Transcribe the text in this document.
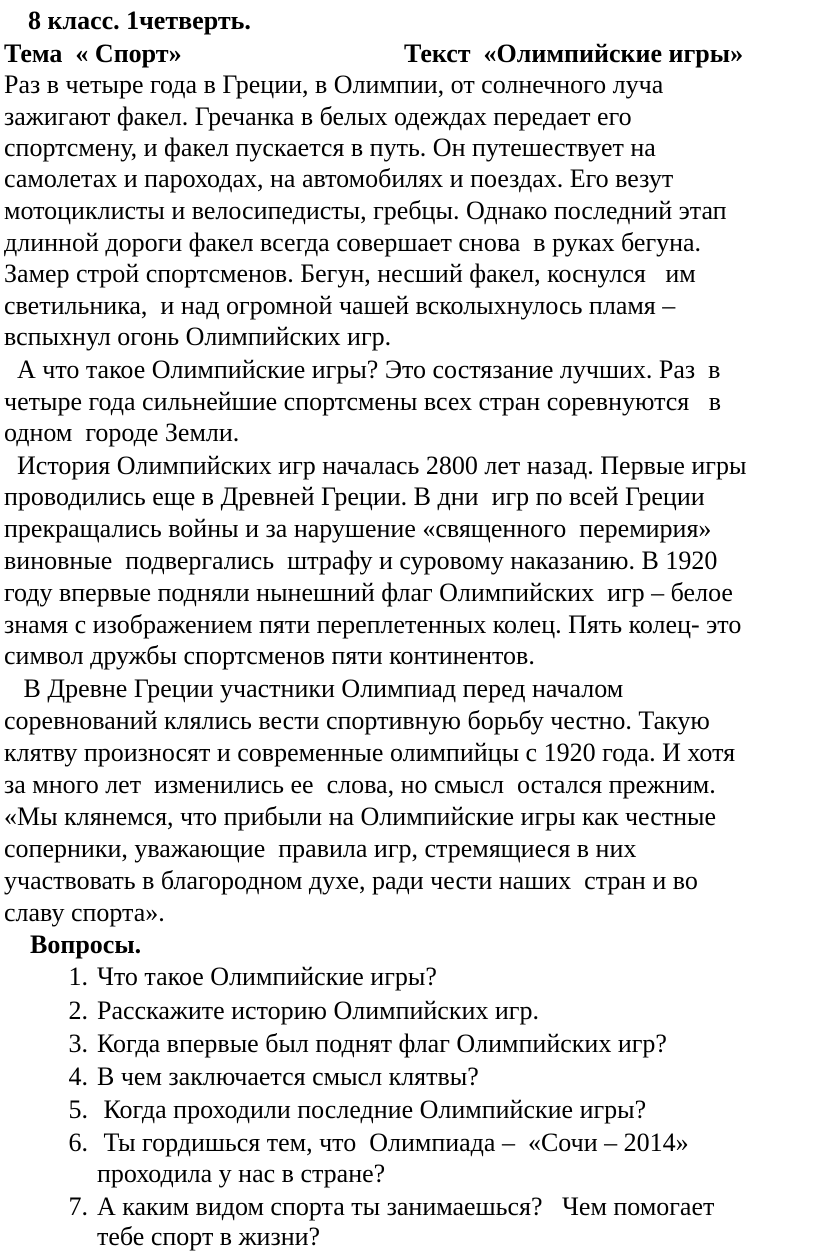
8 класс. 1четверть.
Тема  « Спорт»	Текст  «Олимпийские игры»
Раз в четыре года в Греции, в Олимпии, от солнечного луча
зажигают факел. Гречанка в белых одеждах передает его
спортсмену, и факел пускается в путь. Он путешествует на
самолетах и пароходах, на автомобилях и поездах. Его везут
мотоциклисты и велосипедисты, гребцы. Однако последний этап
длинной дороги факел всегда совершает снова  в руках бегуна.
Замер строй спортсменов. Бегун, несший факел, коснулся   им
светильника,  и над огромной чашей всколыхнулось пламя –
вспыхнул огонь Олимпийских игр.
А что такое Олимпийские игры? Это состязание лучших. Раз  в
четыре года сильнейшие спортсмены всех стран соревнуются   в
одном  городе Земли.
История Олимпийских игр началась 2800 лет назад. Первые игры
проводились еще в Древней Греции. В дни  игр по всей Греции
прекращались войны и за нарушение «священного  перемирия»
виновные  подвергались  штрафу и суровому наказанию. В 1920
году впервые подняли нынешний флаг Олимпийских  игр – белое
знамя с изображением пяти переплетенных колец. Пять колец- это
символ дружбы спортсменов пяти континентов.
В Древне Греции участники Олимпиад перед началом
соревнований клялись вести спортивную борьбу честно. Такую
клятву произносят и современные олимпийцы с 1920 года. И хотя
за много лет  изменились ее  слова, но смысл  остался прежним.
«Мы клянемся, что прибыли на Олимпийские игры как честные
соперники, уважающие  правила игр, стремящиеся в них
участвовать в благородном духе, ради чести наших  стран и во
славу спорта».
Вопросы.
1. Что такое Олимпийские игры?
2. Расскажите историю Олимпийских игр.
3. Когда впервые был поднят флаг Олимпийских игр?
4. В чем заключается смысл клятвы?
5. Когда проходили последние Олимпийские игры?
6. Ты гордишься тем, что  Олимпиада –  «Сочи – 2014»
проходила у нас в стране?
7. А каким видом спорта ты занимаешься?   Чем помогает
тебе спорт в жизни?
